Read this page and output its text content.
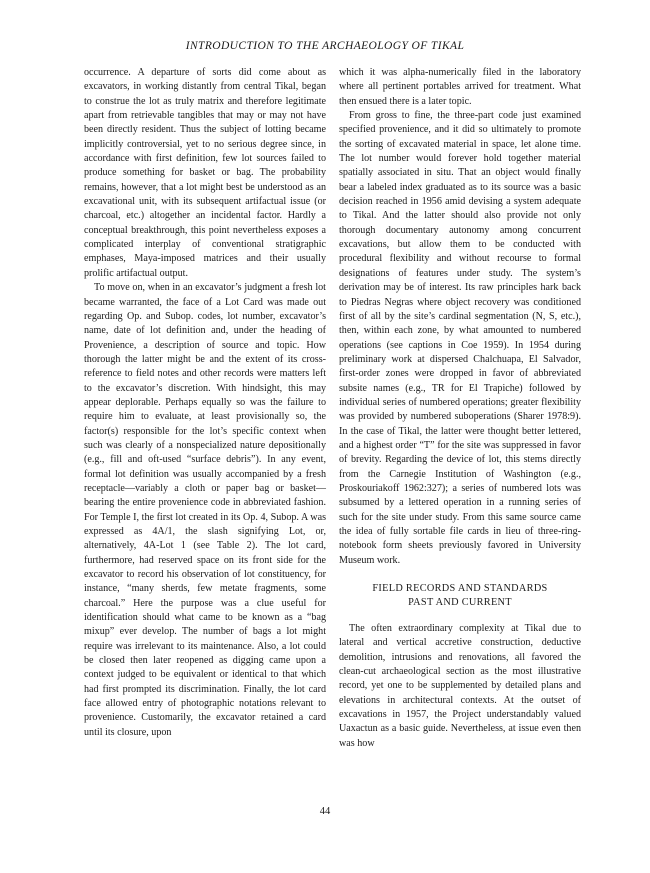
INTRODUCTION TO THE ARCHAEOLOGY OF TIKAL

occurrence. A departure of sorts did come about as excavators, in working distantly from central Tikal, began to construe the lot as truly matrix and therefore legitimate apart from retrievable tangibles that may or may not have been directly resident. Thus the subject of lotting became implicitly controversial, yet to no serious degree since, in accordance with first definition, few lot sources failed to produce something for basket or bag. The probability remains, however, that a lot might best be understood as an excavational unit, with its subsequent artifactual issue (or charcoal, etc.) altogether an incidental factor. Hardly a conceptual breakthrough, this point nevertheless exposes a complicated interplay of conventional stratigraphic emphases, Maya-imposed matrices and their usually prolific artifactual output.

To move on, when in an excavator’s judgment a fresh lot became warranted, the face of a Lot Card was made out regarding Op. and Subop. codes, lot number, excavator’s name, date of lot definition and, under the heading of Provenience, a description of source and topic. How thorough the latter might be and the extent of its cross-reference to field notes and other records were matters left to the excavator’s discretion. With hindsight, this may appear deplorable. Perhaps equally so was the failure to require him to evaluate, at least provisionally so, the factor(s) responsible for the lot’s specific context when such was clearly of a nonspecialized nature depositionally (e.g., fill and oft-used “surface debris”). In any event, formal lot definition was usually accompanied by a fresh receptacle—variably a cloth or paper bag or basket—bearing the entire provenience code in abbreviated fashion. For Temple I, the first lot created in its Op. 4, Subop. A was expressed as 4A/1, the slash signifying Lot, or, alternatively, 4A-Lot 1 (see Table 2). The lot card, furthermore, had reserved space on its front side for the excavator to record his observation of lot constituency, for instance, “many sherds, few metate fragments, some charcoal.” Here the purpose was a clue useful for identification should what came to be known as a “bag mixup” ever develop. The number of bags a lot might require was irrelevant to its maintenance. Also, a lot could be closed then later reopened as digging came upon a context judged to be equivalent or identical to that which had first prompted its discrimination. Finally, the lot card face allowed entry of photographic notations relevant to provenience. Customarily, the excavator retained a card until its closure, upon

which it was alpha-numerically filed in the laboratory where all pertinent portables arrived for treatment. What then ensued there is a later topic.

From gross to fine, the three-part code just examined specified provenience, and it did so ultimately to promote the sorting of excavated material in space, let alone time. The lot number would forever hold together material spatially associated in situ. That an object would finally bear a labeled index graduated as to its source was a basic decision reached in 1956 amid devising a system adequate to Tikal. And the latter should also provide not only thorough documentary autonomy among concurrent excavations, but allow them to be conducted with procedural flexibility and without recourse to formal designations of features under study. The system’s derivation may be of interest. Its raw principles hark back to Piedras Negras where object recovery was conditioned first of all by the site’s cardinal segmentation (N, S, etc.), then, within each zone, by what amounted to numbered operations (see captions in Coe 1959). In 1954 during preliminary work at dispersed Chalchuapa, El Salvador, first-order zones were dropped in favor of abbreviated subsite names (e.g., TR for El Trapiche) followed by individual series of numbered operations; greater flexibility was provided by numbered suboperations (Sharer 1978:9). In the case of Tikal, the latter were thought better lettered, and a highest order “T” for the site was suppressed in favor of brevity. Regarding the device of lot, this stems directly from the Carnegie Institution of Washington (e.g., Proskouriakoff 1962:327); a series of numbered lots was subsumed by a lettered operation in a running series of such for the site under study. From this same source came the idea of fully sortable file cards in lieu of three-ring-notebook form sheets previously favored in University Museum work.

FIELD RECORDS AND STANDARDS
PAST AND CURRENT

The often extraordinary complexity at Tikal due to lateral and vertical accretive construction, deductive demolition, intrusions and renovations, all favored the clean-cut archaeological section as the most illustrative record, yet one to be supplemented by detailed plans and elevations in architectural contexts. At the outset of excavations in 1957, the Project understandably valued Uaxactun as a basic guide. Nevertheless, at issue even then was how

44
